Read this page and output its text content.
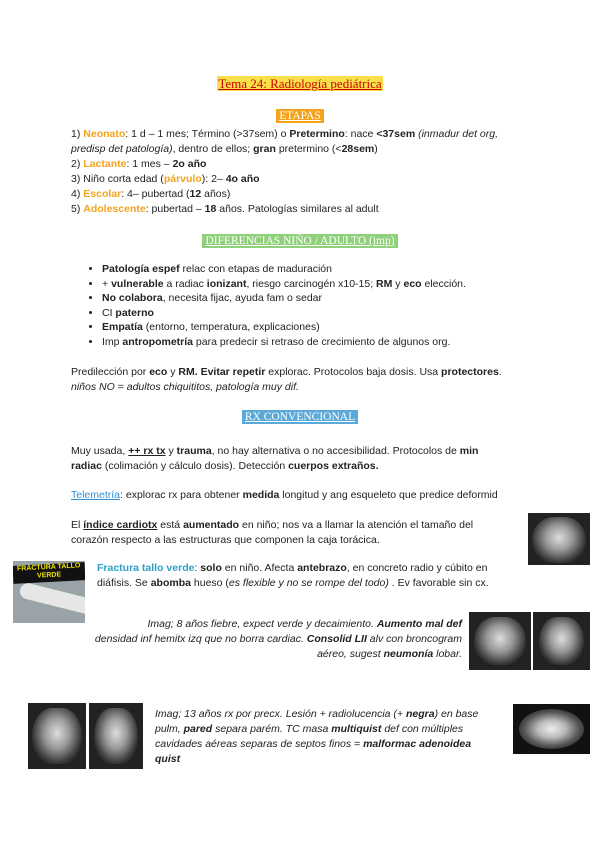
Tema 24: Radiología pediátrica
ETAPAS
1) Neonato: 1 d – 1 mes; Término (>37sem) o Pretermino: nace <37sem (inmadur det org,
predisp det patología), dentro de ellos; gran pretermino (<28sem)
2) Lactante: 1 mes – 2o año
3) Niño corta edad (párvulo): 2– 4o año
4) Escolar: 4– pubertad (12 años)
5) Adolescente: pubertad – 18 años. Patologías similares al adult
DIFERENCIAS NIÑO / ADULTO (imp)
• Patología espef relac con etapas de maduración
• + vulnerable a radiac ionizant, riesgo carcinogén x10-15; RM y eco elección.
• No colabora, necesita fijac, ayuda fam o sedar
• CI paterno
• Empatía (entorno, temperatura, explicaciones)
• Imp antropometría para predecir si retraso de crecimiento de algunos org.
Predilección por eco y RM. Evitar repetir explorac. Protocolos baja dosis. Usa protectores.
niños NO = adultos chiquititos, patología muy dif.
RX CONVENCIONAL
Muy usada, ++ rx tx y trauma, no hay alternativa o no accesibilidad. Protocolos de min
radiac (colimación y cálculo dosis). Detección cuerpos extraños.
Telemetría: explorac rx para obtener medida longitud y ang esqueleto que predice deformid
El índice cardiotx está aumentado en niño; nos va a llamar la atención el tamaño del
corazón respecto a las estructuras que componen la caja torácica.
FRACTURA TALLO VERDE
Fractura tallo verde: solo en niño. Afecta antebrazo, en concreto radio y cúbito en
diáfisis. Se abomba hueso (es flexible y no se rompe del todo) . Ev favorable sin cx.
Imag; 8 años fiebre, expect verde y decaimiento. Aumento mal def
densidad inf hemitx izq que no borra cardiac. Consolid LII alv con broncogram
aéreo, sugest neumonía lobar.
Imag; 13 años rx por precx. Lesión + radiolucencia (+ negra) en base
pulm, pared separa parém. TC masa multiquist def con múltiples
cavidades aéreas separas de septos finos = malformac adenoidea
quist
